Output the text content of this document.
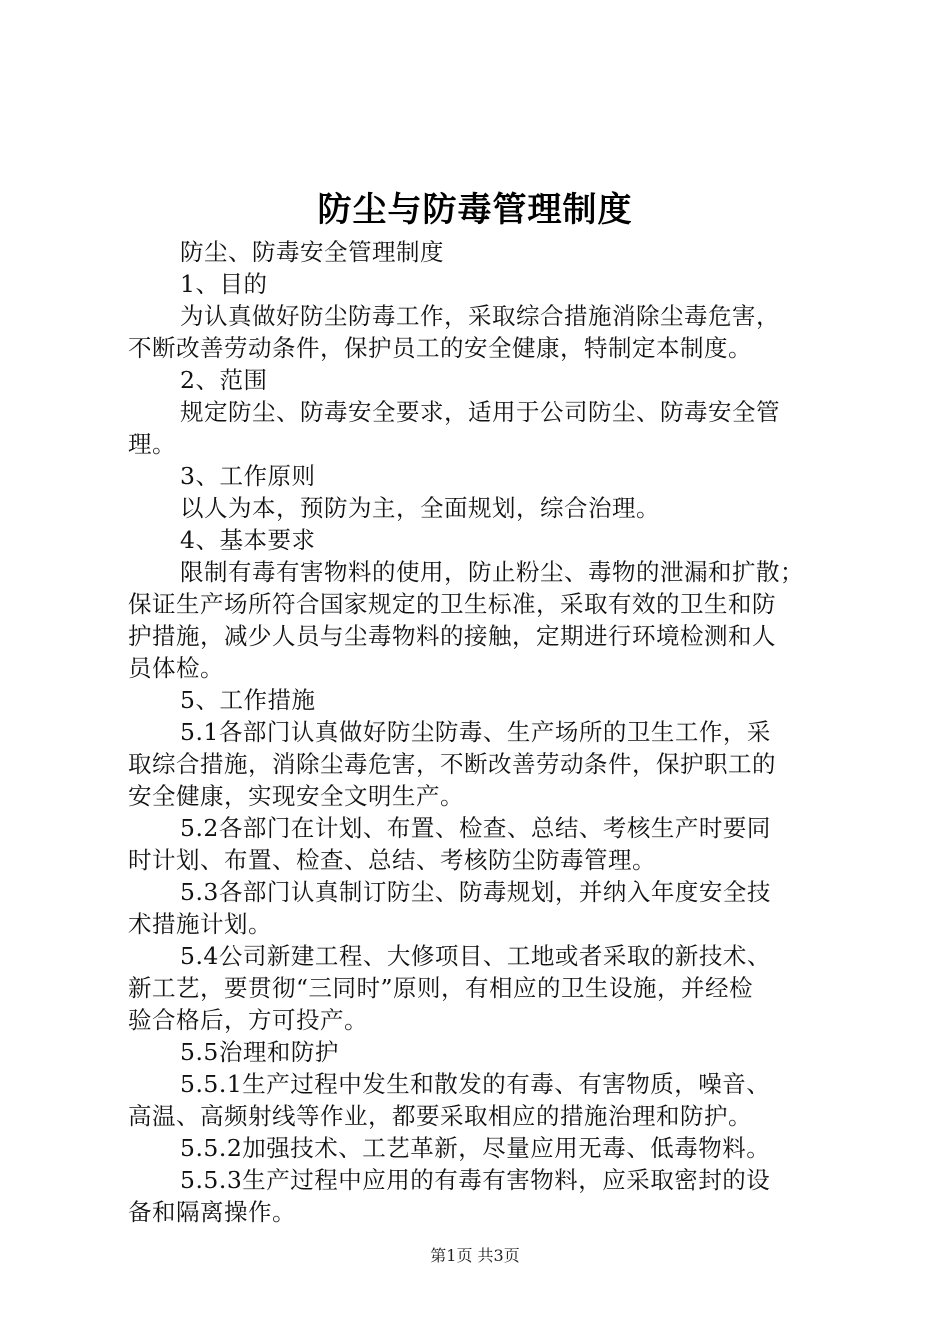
防尘与防毒管理制度
防尘、防毒安全管理制度
1、目的
为认真做好防尘防毒工作，采取综合措施消除尘毒危害，
不断改善劳动条件，保护员工的安全健康，特制定本制度。
2、范围
规定防尘、防毒安全要求，适用于公司防尘、防毒安全管
理。
3、工作原则
以人为本，预防为主，全面规划，综合治理。
4、基本要求
限制有毒有害物料的使用，防止粉尘、毒物的泄漏和扩散；
保证生产场所符合国家规定的卫生标准，采取有效的卫生和防
护措施，减少人员与尘毒物料的接触，定期进行环境检测和人
员体检。
5、工作措施
5.1各部门认真做好防尘防毒、生产场所的卫生工作，采
取综合措施，消除尘毒危害，不断改善劳动条件，保护职工的
安全健康，实现安全文明生产。
5.2各部门在计划、布置、检查、总结、考核生产时要同
时计划、布置、检查、总结、考核防尘防毒管理。
5.3各部门认真制订防尘、防毒规划，并纳入年度安全技
术措施计划。
5.4公司新建工程、大修项目、工地或者采取的新技术、
新工艺，要贯彻“三同时”原则，有相应的卫生设施，并经检
验合格后，方可投产。
5.5治理和防护
5.5.1生产过程中发生和散发的有毒、有害物质，噪音、
高温、高频射线等作业，都要采取相应的措施治理和防护。
5.5.2加强技术、工艺革新，尽量应用无毒、低毒物料。
5.5.3生产过程中应用的有毒有害物料，应采取密封的设
备和隔离操作。
第1页 共3页
